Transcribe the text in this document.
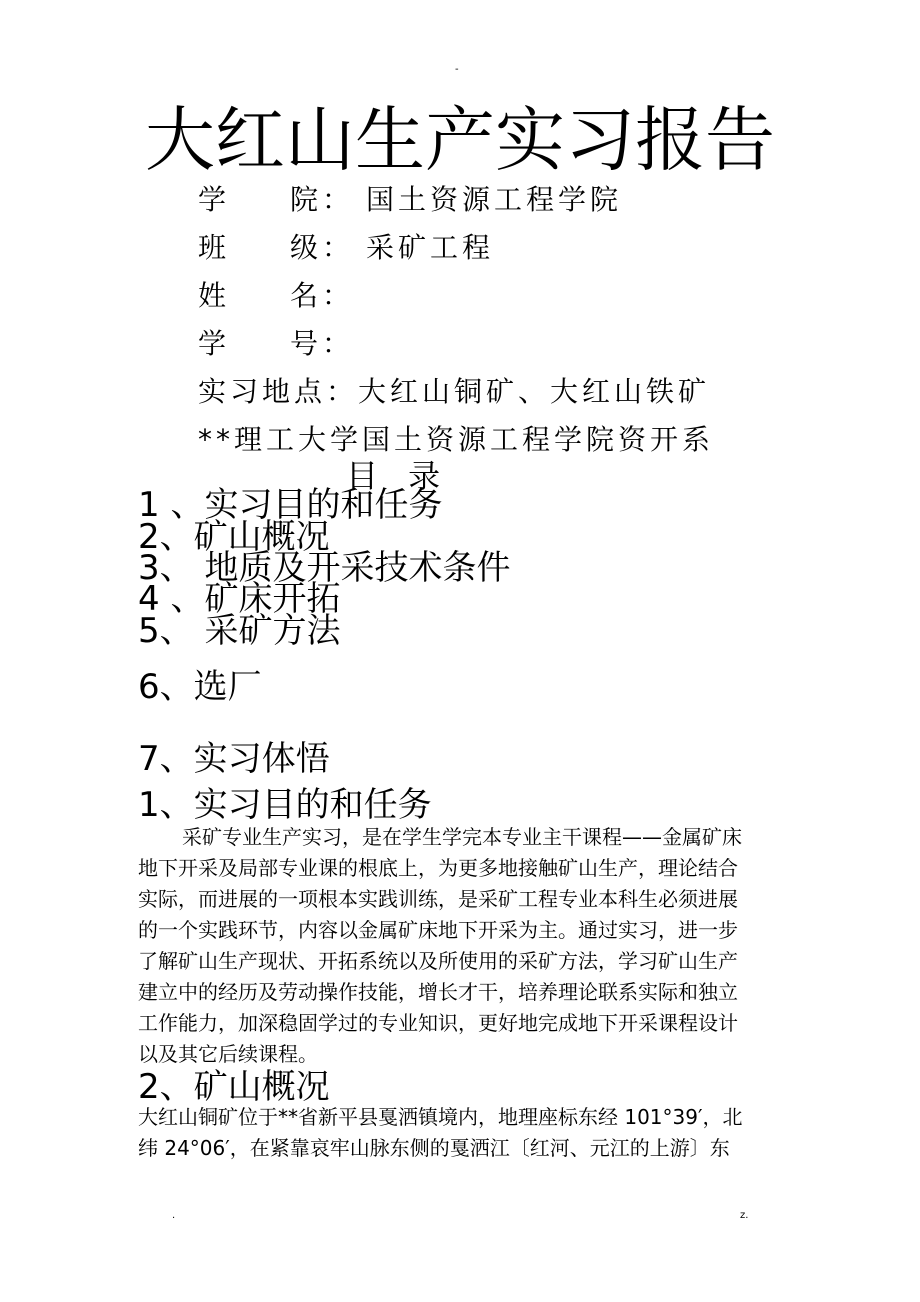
-
大红山生产实习报告
学 院： 国土资源工程学院
班 级： 采矿工程
姓 名：
学 号：
实习地点：大红山铜矿、大红山铁矿
**理工大学国土资源工程学院资开系
目 录
1 、实习目的和任务
2、矿山概况
3、 地质及开采技术条件
4 、矿床开拓
5、 采矿方法
6、选厂
7、实习体悟
1、实习目的和任务
采矿专业生产实习，是在学生学完本专业主干课程——金属矿床
地下开采及局部专业课的根底上，为更多地接触矿山生产，理论结合
实际，而进展的一项根本实践训练，是采矿工程专业本科生必须进展
的一个实践环节，内容以金属矿床地下开采为主。通过实习，进一步
了解矿山生产现状、开拓系统以及所使用的采矿方法，学习矿山生产
建立中的经历及劳动操作技能，增长才干，培养理论联系实际和独立
工作能力，加深稳固学过的专业知识，更好地完成地下开采课程设计
以及其它后续课程。
2、矿山概况
大红山铜矿位于**省新平县戛洒镇境内，地理座标东经 101°39′，北
纬 24°06′，在紧靠哀牢山脉东侧的戛洒江〔红河、元江的上游〕东
.	z.
